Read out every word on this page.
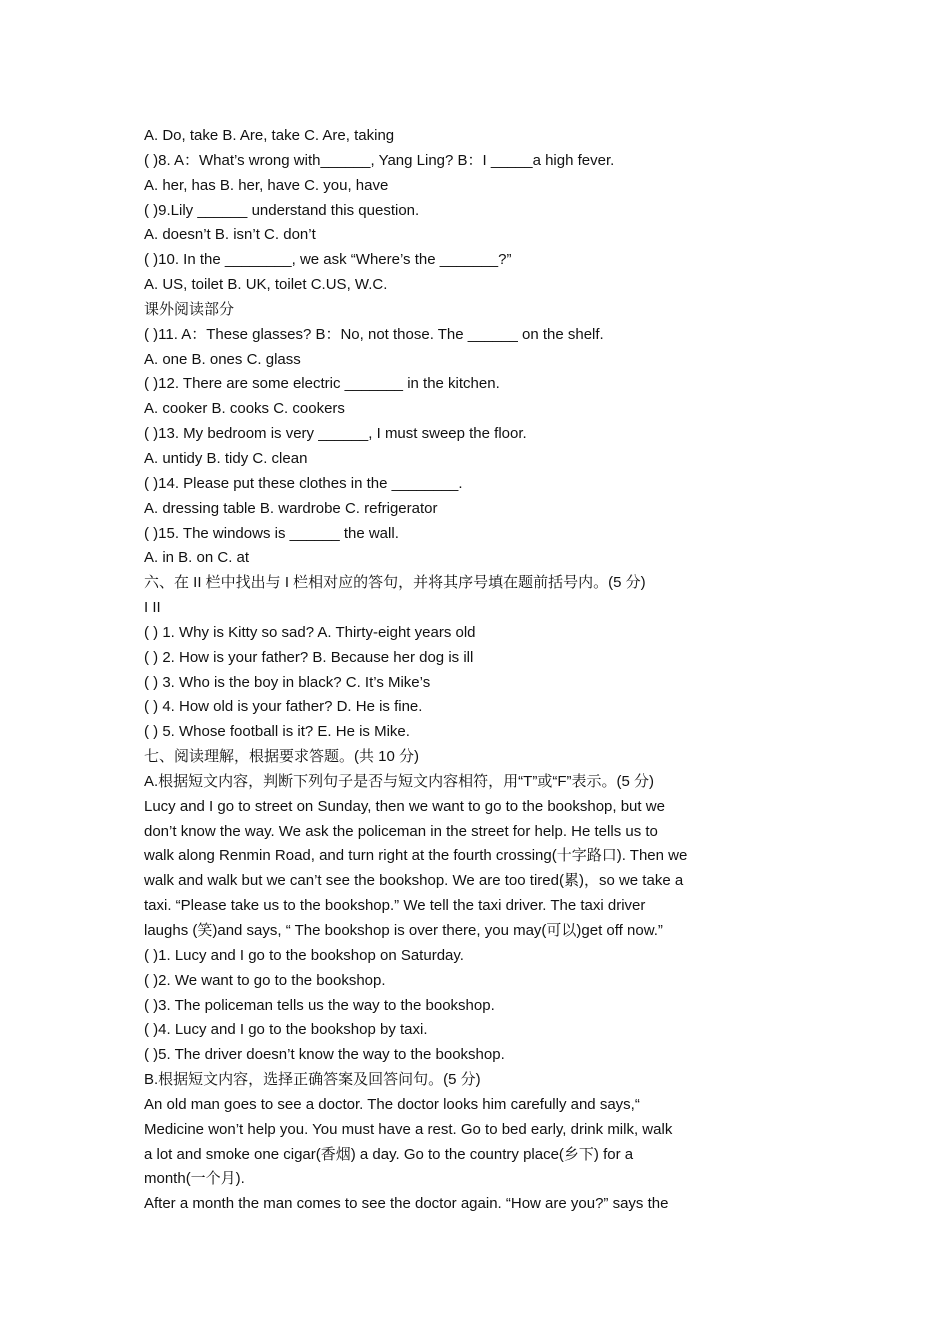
A. Do, take B. Are, take C. Are, taking
( )8. A：What’s wrong with______, Yang Ling? B：I _____a high fever.
A. her, has B. her, have C. you, have
( )9.Lily ______ understand this question.
A. doesn’t B. isn’t C. don’t
( )10. In the ________, we ask “Where’s the _______?”
A. US, toilet B. UK, toilet C.US, W.C.
课外阅读部分
( )11. A：These glasses? B：No, not those. The ______ on the shelf.
A. one B. ones C. glass
( )12. There are some electric _______ in the kitchen.
A. cooker B. cooks C. cookers
( )13. My bedroom is very ______, I must sweep the floor.
A. untidy B. tidy C. clean
( )14. Please put these clothes in the ________.
A. dressing table B. wardrobe C. refrigerator
( )15. The windows is ______ the wall.
A. in B. on C. at
六、在 II 栏中找出与 I 栏相对应的答句，并将其序号填在题前括号内。(5 分)
I II
( ) 1. Why is Kitty so sad? A. Thirty-eight years old
( ) 2. How is your father? B. Because her dog is ill
( ) 3. Who is the boy in black? C. It’s Mike’s
( ) 4. How old is your father? D. He is fine.
( ) 5. Whose football is it? E. He is Mike.
七、阅读理解，根据要求答题。(共 10 分)
A.根据短文内容，判断下列句子是否与短文内容相符，用“T”或“F”表示。(5 分)
Lucy and I go to street on Sunday, then we want to go to the bookshop, but we
don’t know the way. We ask the policeman in the street for help. He tells us to
walk along Renmin Road, and turn right at the fourth crossing(十字路口). Then we
walk and walk but we can’t see the bookshop. We are too tired(累)，so we take a
taxi. “Please take us to the bookshop.” We tell the taxi driver. The taxi driver
laughs (笑)and says, “ The bookshop is over there, you may(可以)get off now.”
( )1. Lucy and I go to the bookshop on Saturday.
( )2. We want to go to the bookshop.
( )3. The policeman tells us the way to the bookshop.
( )4. Lucy and I go to the bookshop by taxi.
( )5. The driver doesn’t know the way to the bookshop.
B.根据短文内容，选择正确答案及回答问句。(5 分)
An old man goes to see a doctor. The doctor looks him carefully and says,“
Medicine won’t help you. You must have a rest. Go to bed early, drink milk, walk
a lot and smoke one cigar(香烟) a day. Go to the country place(乡下) for a
month(一个月).
After a month the man comes to see the doctor again. “How are you?” says the
